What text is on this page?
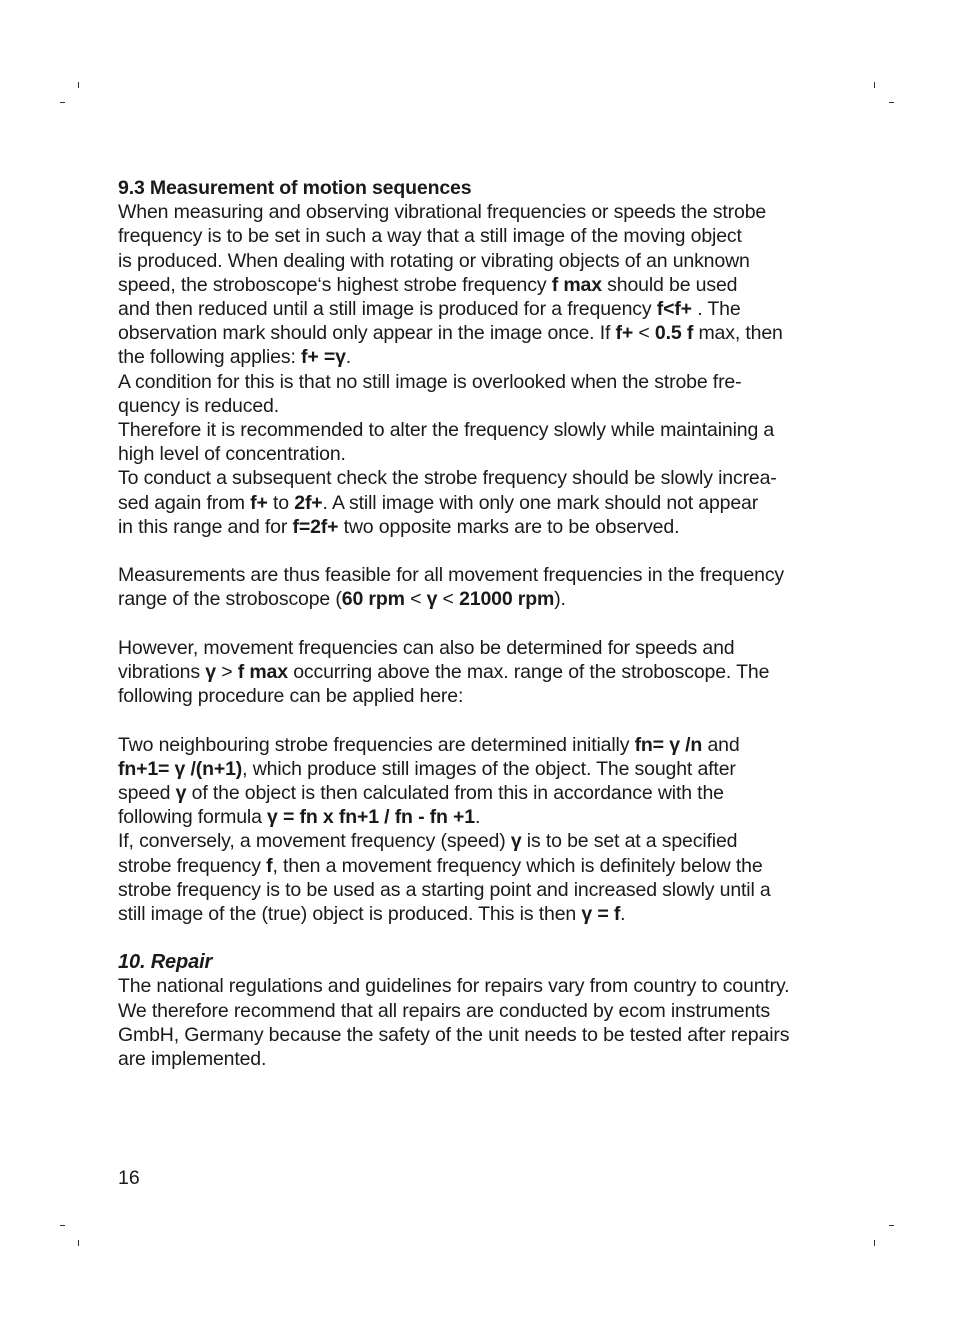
9.3 Measurement of motion sequences
When measuring and observing vibrational frequencies or speeds the strobe
frequency is to be set in such a way that a still image of the moving object
is produced. When dealing with rotating or vibrating objects of an unknown
speed, the stroboscope‘s highest strobe frequency f max should be used
and then reduced until a still image is produced for a frequency f<f+ . The
observation mark should only appear in the image once. If f+ < 0.5 f max, then
the following applies: f+ =γ.
A condition for this is that no still image is overlooked when the strobe fre-
quency is reduced.
Therefore it is recommended to alter the frequency slowly while maintaining a
high level of concentration.
To conduct a subsequent check the strobe frequency should be slowly increa-
sed again from f+ to 2f+. A still image with only one mark should not appear
in this range and for f=2f+ two opposite marks are to be observed.
Measurements are thus feasible for all movement frequencies in the frequency
range of the stroboscope (60 rpm < γ < 21000 rpm).
However, movement frequencies can also be determined for speeds and
vibrations γ > f max occurring above the max. range of the stroboscope. The
following procedure can be applied here:
Two neighbouring strobe frequencies are determined initially fn= γ /n and
fn+1= γ /(n+1), which produce still images of the object. The sought after
speed γ of the object is then calculated from this in accordance with the
following formula γ = fn x fn+1 / fn - fn +1.
If, conversely, a movement frequency (speed) γ is to be set at a specified
strobe frequency f, then a movement frequency which is definitely below the
strobe frequency is to be used as a starting point and increased slowly until a
still image of the (true) object is produced. This is then γ = f.
10. Repair
The national regulations and guidelines for repairs vary from country to country.
We therefore recommend that all repairs are conducted by ecom instruments
GmbH, Germany because the safety of the unit needs to be tested after repairs
are implemented.
16
